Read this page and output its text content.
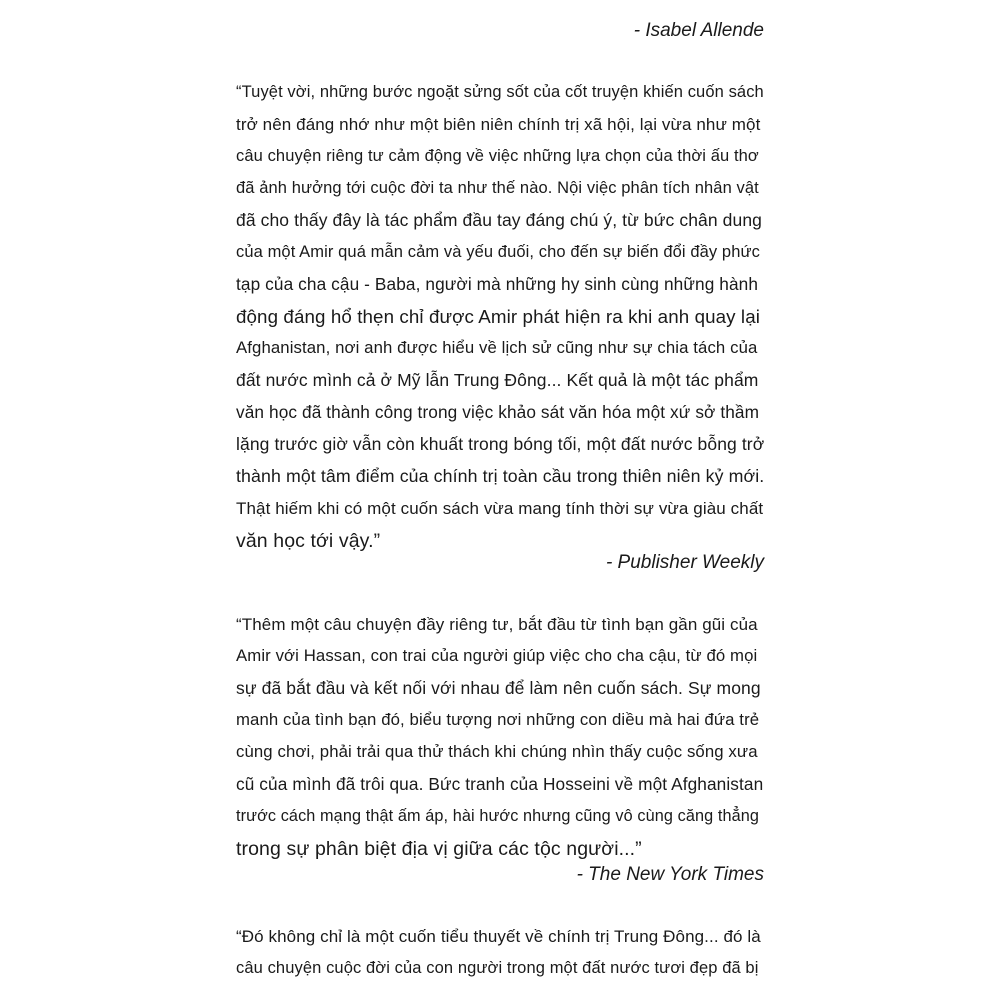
- Isabel Allende
“Tuyệt vời, những bước ngoặt sửng sốt của cốt truyện khiến cuốn sách
trở nên đáng nhớ như một biên niên chính trị xã hội, lại vừa như một
câu chuyện riêng tư cảm động về việc những lựa chọn của thời ấu thơ
đã ảnh hưởng tới cuộc đời ta như thế nào. Nội việc phân tích nhân vật
đã cho thấy đây là tác phẩm đầu tay đáng chú ý, từ bức chân dung
của một Amir quá mẫn cảm và yếu đuối, cho đến sự biến đổi đầy phức
tạp của cha cậu - Baba, người mà những hy sinh cùng những hành
động đáng hổ thẹn chỉ được Amir phát hiện ra khi anh quay lại
Afghanistan, nơi anh được hiểu về lịch sử cũng như sự chia tách của
đất nước mình cả ở Mỹ lẫn Trung Đông... Kết quả là một tác phẩm
văn học đã thành công trong việc khảo sát văn hóa một xứ sở thầm
lặng trước giờ vẫn còn khuất trong bóng tối, một đất nước bỗng trở
thành một tâm điểm của chính trị toàn cầu trong thiên niên kỷ mới.
Thật hiếm khi có một cuốn sách vừa mang tính thời sự vừa giàu chất
văn học tới vậy.”
- Publisher Weekly
“Thêm một câu chuyện đầy riêng tư, bắt đầu từ tình bạn gần gũi của
Amir với Hassan, con trai của người giúp việc cho cha cậu, từ đó mọi
sự đã bắt đầu và kết nối với nhau để làm nên cuốn sách. Sự mong
manh của tình bạn đó, biểu tượng nơi những con diều mà hai đứa trẻ
cùng chơi, phải trải qua thử thách khi chúng nhìn thấy cuộc sống xưa
cũ của mình đã trôi qua. Bức tranh của Hosseini về một Afghanistan
trước cách mạng thật ấm áp, hài hước nhưng cũng vô cùng căng thẳng
trong sự phân biệt địa vị giữa các tộc người...”
- The New York Times
“Đó không chỉ là một cuốn tiểu thuyết về chính trị Trung Đông... đó là
câu chuyện cuộc đời của con người trong một đất nước tươi đẹp đã bị
